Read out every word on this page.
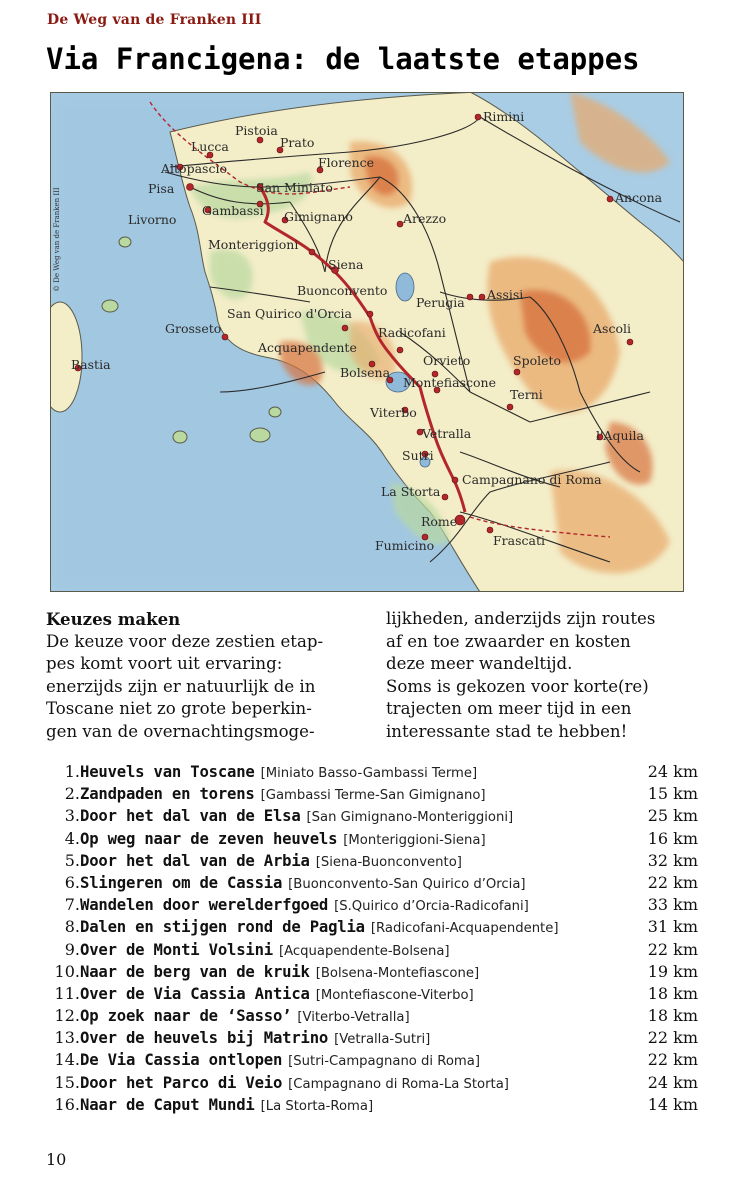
De Weg van de Franken III
Via Francigena: de laatste etappes
Rimini
Pistoia
Lucca	Prato
Altopascio	Florence
Pisa	San Miniato
Ancona
Gambassi Gimignano	Arezzo
Livorno
Monteriggioni
Siena
Assisi
Perugia
Buonconvento
San Quirico d'Orcia
Grosseto	Ascoli
Radicofani
Acquapendente
Bastia	Orvieto	Spoleto
Bolsena
Montefiascone
Terni
Viterbo
Vetralla	l'Aquila
Sutri
Campagnano di Roma
La Storta
Rome
Fumicino	Frascati
© De Weg van de Franken III
Keuzes maken
De keuze voor deze zestien etap-
pes komt voort uit ervaring:
enerzijds zijn er natuurlijk de in
Toscane niet zo grote beperkin-
gen van de overnachtingsmoge-
lijkheden, anderzijds zijn routes
af en toe zwaarder en kosten
deze meer wandeltijd.
Soms is gekozen voor korte(re)
trajecten om meer tijd in een
interessante stad te hebben!
1. Heuvels van Toscane [Miniato Basso-Gambassi Terme]	24 km
2. Zandpaden en torens [Gambassi Terme-San Gimignano]	15 km
3. Door het dal van de Elsa [San Gimignano-Monteriggioni]	25 km
4. Op weg naar de zeven heuvels [Monteriggioni-Siena]	16 km
5. Door het dal van de Arbia [Siena-Buonconvento]	32 km
6. Slingeren om de Cassia [Buonconvento-San Quirico d’Orcia]	22 km
7. Wandelen door werelderfgoed [S.Quirico d’Orcia-Radicofani]	33 km
8. Dalen en stijgen rond de Paglia [Radicofani-Acquapendente]	31 km
9. Over de Monti Volsini [Acquapendente-Bolsena]	22 km
10. Naar de berg van de kruik [Bolsena-Montefiascone]	19 km
11. Over de Via Cassia Antica [Montefiascone-Viterbo]	18 km
12. Op zoek naar de ‘Sasso’ [Viterbo-Vetralla]	18 km
13. Over de heuvels bij Matrino [Vetralla-Sutri]	22 km
14. De Via Cassia ontlopen [Sutri-Campagnano di Roma]	22 km
15. Door het Parco di Veio [Campagnano di Roma-La Storta]	24 km
16. Naar de Caput Mundi [La Storta-Roma]	14 km
10
